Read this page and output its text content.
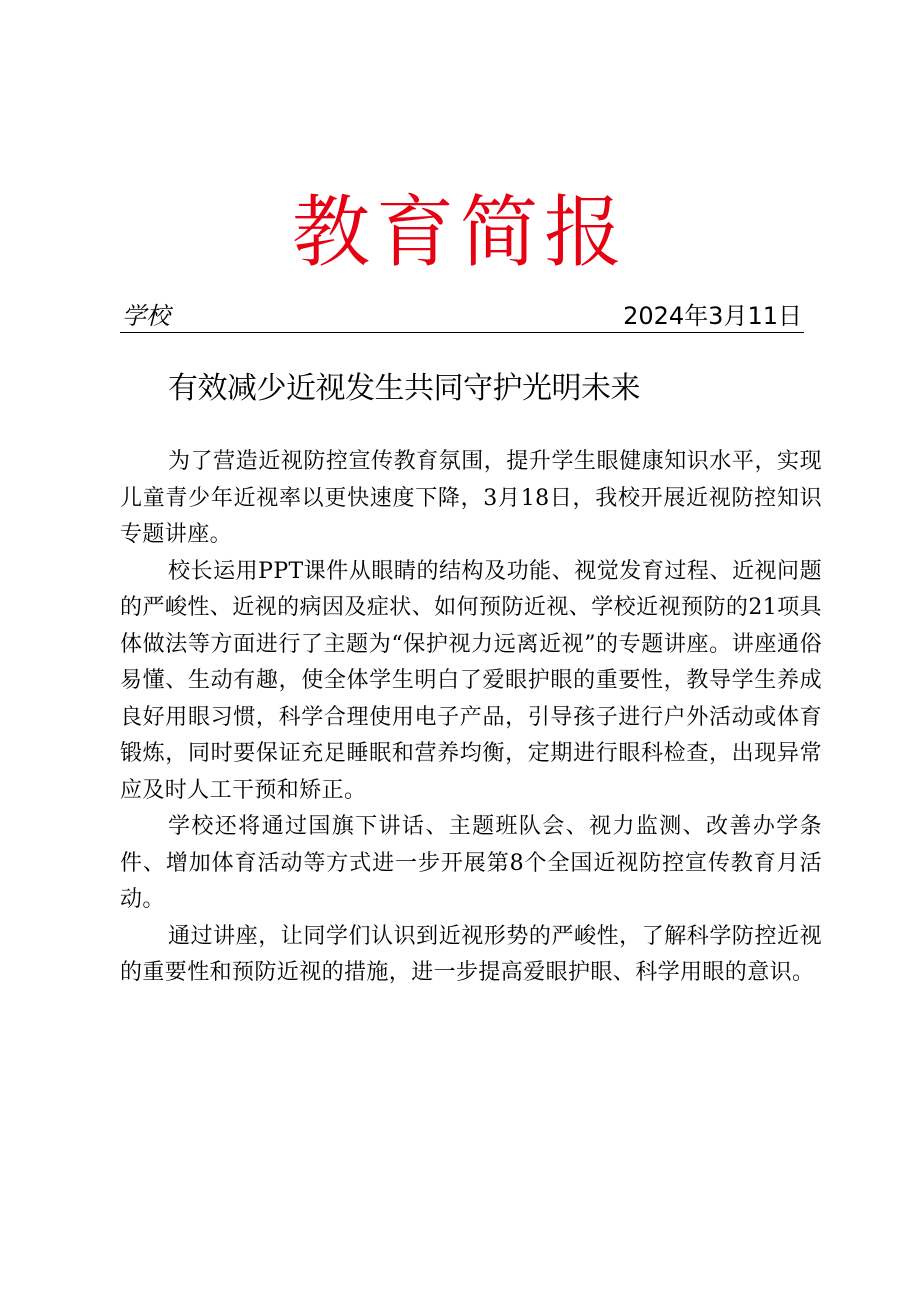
教育简报
学校	2024年3月11日
有效减少近视发生共同守护光明未来

为了营造近视防控宣传教育氛围，提升学生眼健康知识水平，实现儿童青少年近视率以更快速度下降，3月18日，我校开展近视防控知识专题讲座。

校长运用PPT课件从眼睛的结构及功能、视觉发育过程、近视问题的严峻性、近视的病因及症状、如何预防近视、学校近视预防的21项具体做法等方面进行了主题为“保护视力远离近视”的专题讲座。讲座通俗易懂、生动有趣，使全体学生明白了爱眼护眼的重要性，教导学生养成良好用眼习惯，科学合理使用电子产品，引导孩子进行户外活动或体育锻炼，同时要保证充足睡眠和营养均衡，定期进行眼科检查，出现异常应及时人工干预和矫正。

学校还将通过国旗下讲话、主题班队会、视力监测、改善办学条件、增加体育活动等方式进一步开展第8个全国近视防控宣传教育月活动。

通过讲座，让同学们认识到近视形势的严峻性，了解科学防控近视的重要性和预防近视的措施，进一步提高爱眼护眼、科学用眼的意识。
